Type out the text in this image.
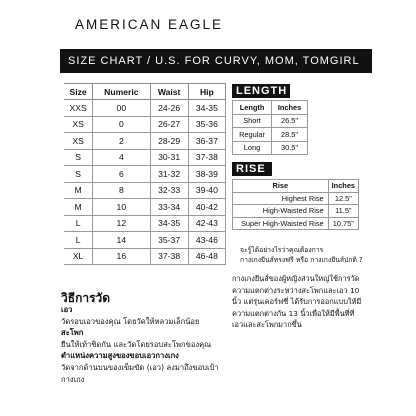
AMERICAN EAGLE
SIZE CHART / U.S. FOR CURVY, MOM, TOMGIRL
Size	Numeric	Waist	Hip
XXS	00	24-26	34-35
XS	0	26-27	35-36
XS	2	28-29	36-37
S	4	30-31	37-38
S	6	31-32	38-39
M	8	32-33	39-40
M	10	33-34	40-42
L	12	34-35	42-43
L	14	35-37	43-46
XL	16	37-38	46-48
LENGTH
Length	Inches
Short	26.5"
Regular	28.5"
Long	30.5"
RISE
Rise	Inches
Highest Rise	12.5"
High-Waisted Rise	11.5"
Super High-Waisted Rise	10.75"
จะรู้ได้อย่างไรว่าคุณต้องการ
กางเกงยีนส์ทรงฟรี หรือ กางเกงยีนส์ปกติ ?
กางเกงยีนส์ของผู้หญิงส่วนใหญ่ใช้การวัด ความแตกต่างระหว่างสะโพกและเอว 10 นิ้ว แต่รุ่นเคอร์ฟซี่ ได้รับการออกแบบให้มีความแตกต่างกัน 13 นิ้วเพื่อให้มีพื้นที่ที่เอวและสะโพกมากขึ้น
วิธีการวัด
เอว
วัดรอบเอวของคุณ โดยวัดให้หลวมเล็กน้อย
สะโพก
ยืนให้เท้าชิดกัน และวัดโดยรอบสะโพกของคุณ
ตำแหน่งความสูงของขอบเอวกางเกง
วัดจากด้านบนของเข็มขัด (เอว) ลงมาถึงขอบเป้ากางเกง
